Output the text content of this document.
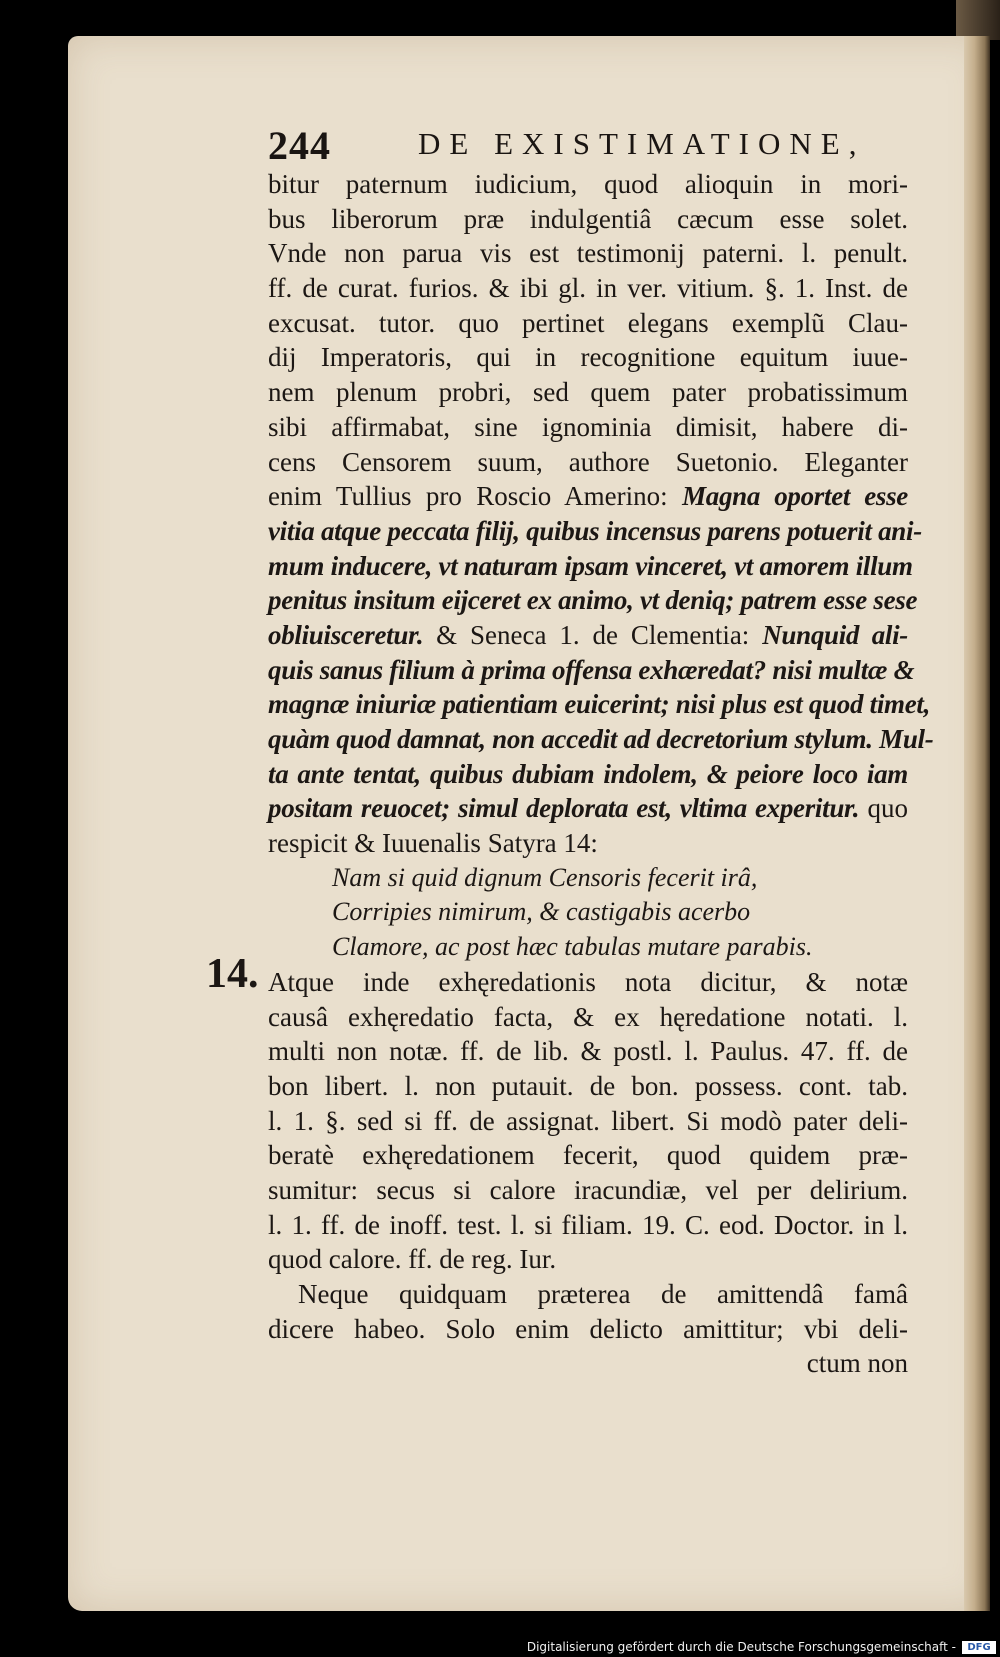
244	DE EXISTIMATIONE,
14.
bitur paternum iudicium, quod alioquin in mori-
bus liberorum præ indulgentiâ cæcum esse solet.
Vnde non parua vis est testimonij paterni. l. penult.
ff. de curat. furios. & ibi gl. in ver. vitium. §. 1. Inst. de
excusat. tutor. quo pertinet elegans exemplũ Clau-
dij Imperatoris, qui in recognitione equitum iuue-
nem plenum probri, sed quem pater probatissimum
sibi affirmabat, sine ignominia dimisit, habere di-
cens Censorem suum, authore Suetonio. Eleganter
enim Tullius pro Roscio Amerino: Magna oportet esse
vitia atque peccata filij, quibus incensus parens potuerit ani-
mum inducere, vt naturam ipsam vinceret, vt amorem illum
penitus insitum eijceret ex animo, vt deniq; patrem esse sese
obliuisceretur. & Seneca 1. de Clementia: Nunquid ali-
quis sanus filium à prima offensa exhæredat? nisi multæ &
magnæ iniuriæ patientiam euicerint; nisi plus est quod timet,
quàm quod damnat, non accedit ad decretorium stylum. Mul-
ta ante tentat, quibus dubiam indolem, & peiore loco iam
positam reuocet; simul deplorata est, vltima experitur. quo
respicit & Iuuenalis Satyra 14:
Nam si quid dignum Censoris fecerit irâ,
Corripies nimirum, & castigabis acerbo
Clamore, ac post hæc tabulas mutare parabis.
Atque inde exhęredationis nota dicitur, & notæ
causâ exhęredatio facta, & ex hęredatione notati. l.
multi non notæ. ff. de lib. & postl. l. Paulus. 47. ff. de
bon libert. l. non putauit. de bon. possess. cont. tab.
l. 1. §. sed si ff. de assignat. libert. Si modò pater deli-
beratè exhęredationem fecerit, quod quidem præ-
sumitur: secus si calore iracundiæ, vel per delirium.
l. 1. ff. de inoff. test. l. si filiam. 19. C. eod. Doctor. in l.
quod calore. ff. de reg. Iur.
Neque quidquam præterea de amittendâ famâ
dicere habeo. Solo enim delicto amittitur; vbi deli-
ctum non
Digitalisierung gefördert durch die Deutsche Forschungsgemeinschaft -	DFG
